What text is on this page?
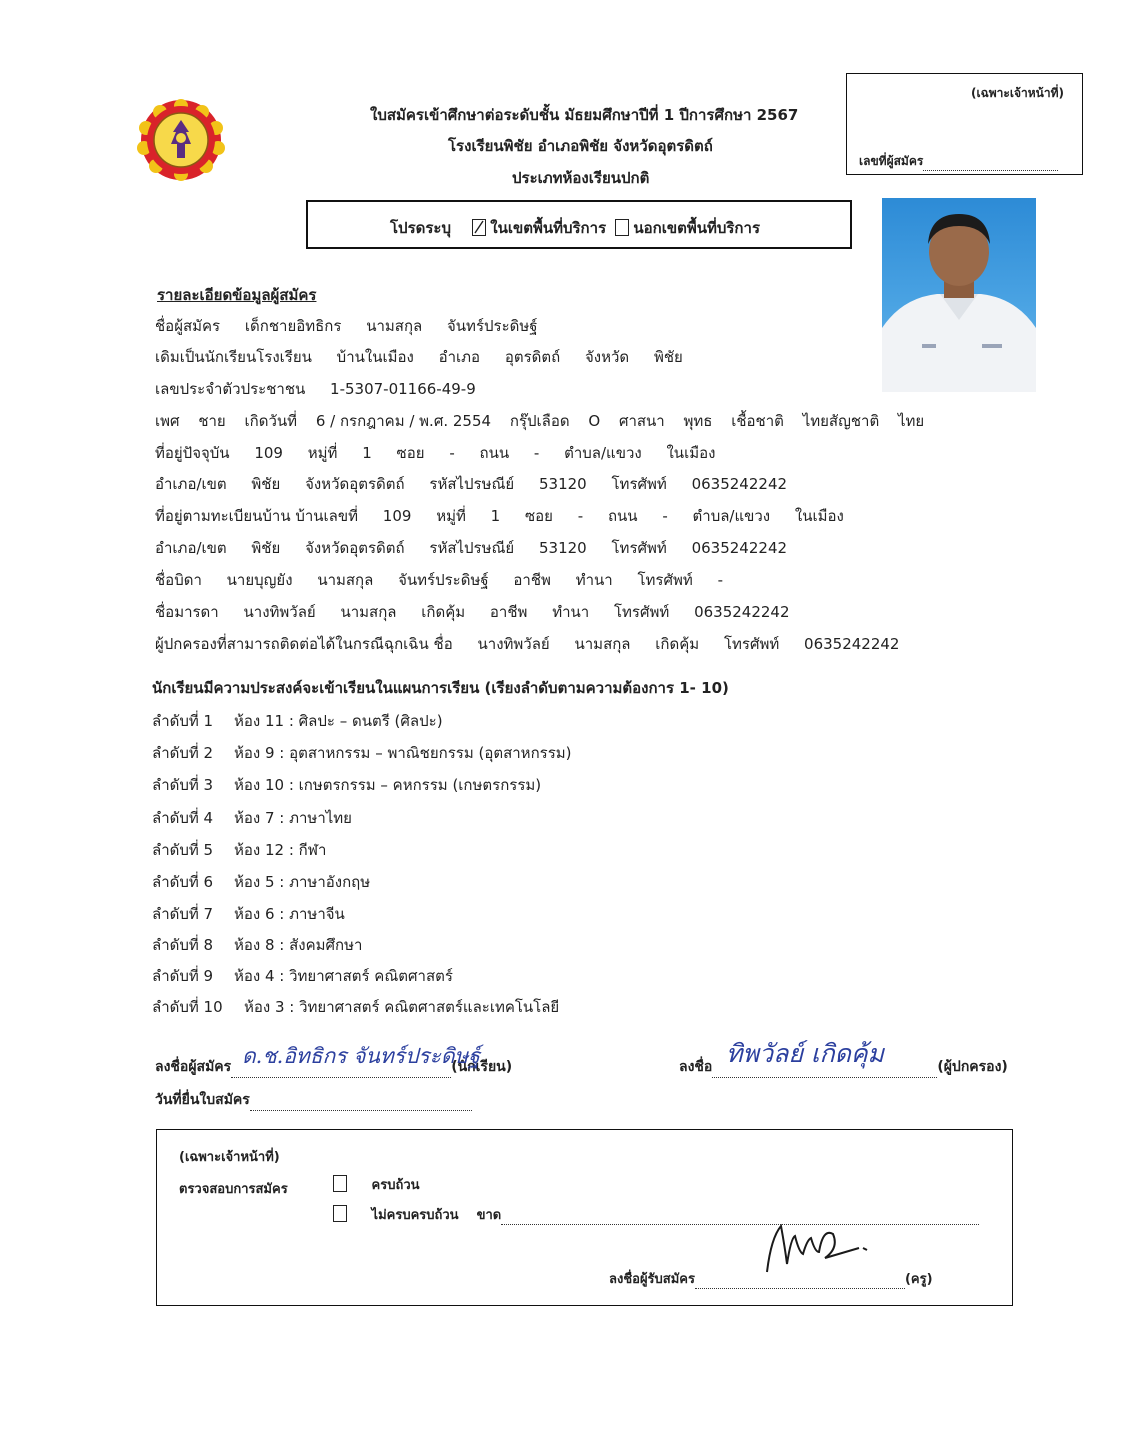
ใบสมัครเข้าศึกษาต่อระดับชั้น มัธยมศึกษาปีที่ 1 ปีการศึกษา 2567
โรงเรียนพิชัย อำเภอพิชัย จังหวัดอุตรดิตถ์
ประเภทห้องเรียนปกติ
(เฉพาะเจ้าหน้าที่)
เลขที่ผู้สมัคร
โปรดระบุ	ในเขตพื้นที่บริการ นอกเขตพื้นที่บริการ
รายละเอียดข้อมูลผู้สมัคร
ชื่อผู้สมัคร เด็กชายอิทธิกร นามสกุล จันทร์ประดิษฐ์
เดิมเป็นนักเรียนโรงเรียน บ้านในเมือง อำเภอ อุตรดิตถ์ จังหวัด พิชัย
เลขประจำตัวประชาชน 1-5307-01166-49-9
เพศ ชาย เกิดวันที่ 6 / กรกฎาคม / พ.ศ. 2554 กรุ๊ปเลือด O ศาสนา พุทธ เชื้อชาติ ไทยสัญชาติ ไทย
ที่อยู่ปัจจุบัน 109 หมู่ที่ 1 ซอย - ถนน - ตำบล/แขวง ในเมือง
อำเภอ/เขต พิชัย จังหวัดอุตรดิตถ์ รหัสไปรษณีย์ 53120 โทรศัพท์ 0635242242
ที่อยู่ตามทะเบียนบ้าน บ้านเลขที่ 109 หมู่ที่ 1 ซอย - ถนน - ตำบล/แขวง ในเมือง
อำเภอ/เขต พิชัย จังหวัดอุตรดิตถ์ รหัสไปรษณีย์ 53120 โทรศัพท์ 0635242242
ชื่อบิดา นายบุญยัง นามสกุล จันทร์ประดิษฐ์ อาชีพ ทำนา โทรศัพท์ -
ชื่อมารดา นางทิพวัลย์ นามสกุล เกิดคุ้ม อาชีพ ทำนา โทรศัพท์ 0635242242
ผู้ปกครองที่สามารถติดต่อได้ในกรณีฉุกเฉิน ชื่อ นางทิพวัลย์ นามสกุล เกิดคุ้ม โทรศัพท์ 0635242242
นักเรียนมีความประสงค์จะเข้าเรียนในแผนการเรียน (เรียงลำดับตามความต้องการ 1- 10)
ลำดับที่ 1 ห้อง 11 : ศิลปะ – ดนตรี (ศิลปะ)
ลำดับที่ 2 ห้อง 9 : อุตสาหกรรม – พาณิชยกรรม (อุตสาหกรรม)
ลำดับที่ 3 ห้อง 10 : เกษตรกรรม – คหกรรม (เกษตรกรรม)
ลำดับที่ 4 ห้อง 7 : ภาษาไทย
ลำดับที่ 5 ห้อง 12 : กีฬา
ลำดับที่ 6 ห้อง 5 : ภาษาอังกฤษ
ลำดับที่ 7 ห้อง 6 : ภาษาจีน
ลำดับที่ 8 ห้อง 8 : สังคมศึกษา
ลำดับที่ 9 ห้อง 4 : วิทยาศาสตร์ คณิตศาสตร์
ลำดับที่ 10 ห้อง 3 : วิทยาศาสตร์ คณิตศาสตร์และเทคโนโลยี
ลงชื่อผู้สมัคร	(นักเรียน)
ด.ช.อิทธิกร จันทร์ประดิษฐ์	ลงชื่อ	(ผู้ปกครอง)
ทิพวัลย์ เกิดคุ้ม
วันที่ยื่นใบสมัคร
(เฉพาะเจ้าหน้าที่)
ตรวจสอบการสมัคร	ครบถ้วน
ไม่ครบครบถ้วน ขาด
ลงชื่อผู้รับสมัคร	(ครู)
